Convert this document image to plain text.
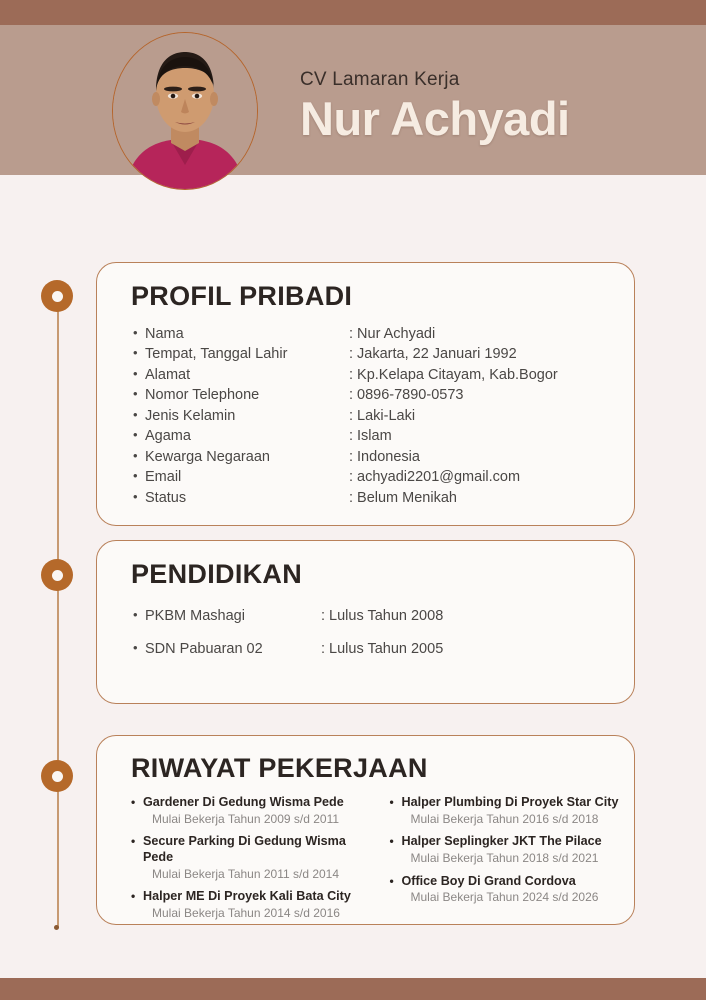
CV Lamaran Kerja
Nur Achyadi
PROFIL PRIBADI
• Nama	: Nur Achyadi
• Tempat, Tanggal Lahir	: Jakarta, 22 Januari 1992
• Alamat	: Kp.Kelapa Citayam, Kab.Bogor
• Nomor Telephone	: 0896-7890-0573
• Jenis Kelamin	: Laki-Laki
• Agama	: Islam
• Kewarga Negaraan	: Indonesia
• Email	: achyadi2201@gmail.com
• Status	: Belum Menikah
PENDIDIKAN
• PKBM Mashagi	: Lulus Tahun 2008
• SDN Pabuaran 02	: Lulus Tahun 2005
RIWAYAT PEKERJAAN
• Gardener Di Gedung Wisma Pede
Mulai Bekerja Tahun 2009 s/d 2011
• Secure Parking Di Gedung Wisma Pede
Mulai Bekerja Tahun 2011 s/d 2014
• Halper ME Di Proyek Kali Bata City
Mulai Bekerja Tahun 2014 s/d 2016
• Halper Plumbing Di Proyek Star City
Mulai Bekerja Tahun 2016 s/d 2018
• Halper Seplingker JKT The Pilace
Mulai Bekerja Tahun 2018 s/d 2021
• Office Boy Di Grand Cordova
Mulai Bekerja Tahun 2024 s/d 2026
